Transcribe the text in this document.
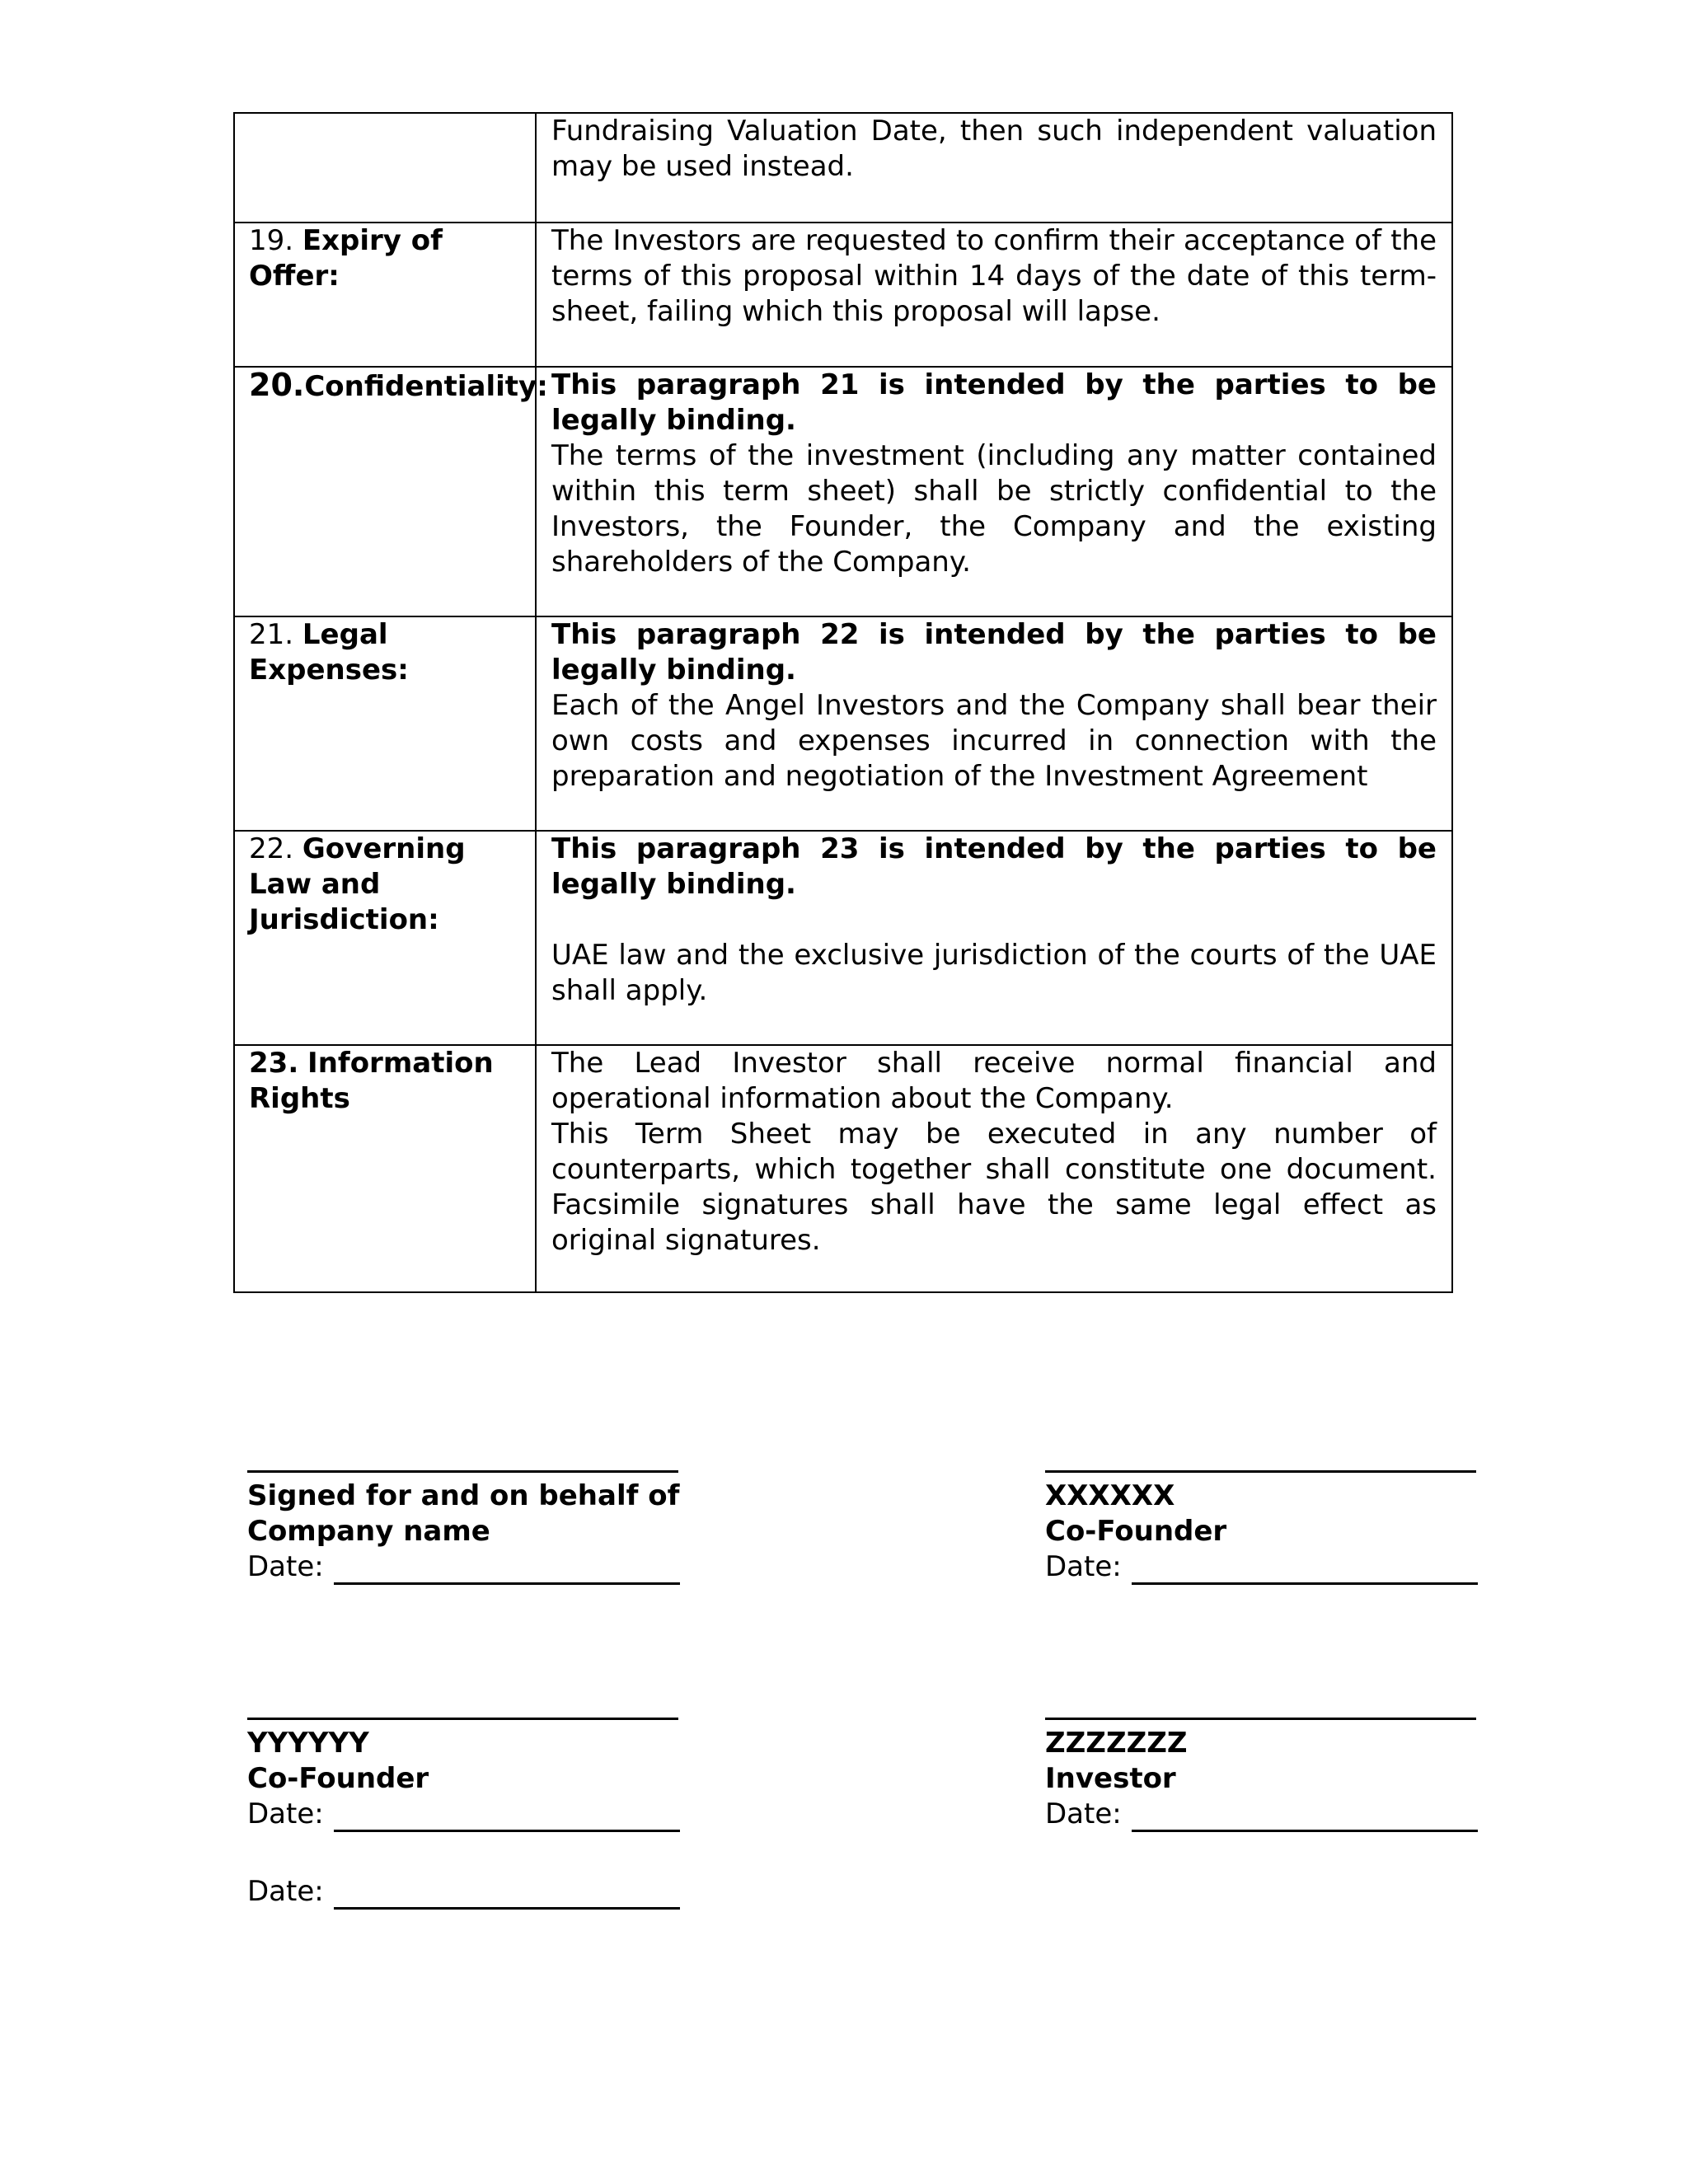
	Fundraising Valuation Date, then such independent valuation may be used instead.

19. Expiry of Offer:	The Investors are requested to confirm their acceptance of the terms of this proposal within 14 days of the date of this term-sheet, failing which this proposal will lapse.

20.Confidentiality:	This paragraph 21 is intended by the parties to be legally binding.

The terms of the investment (including any matter contained within this term sheet) shall be strictly confidential to the Investors, the Founder, the Company and the existing shareholders of the Company.

21. Legal Expenses:	This paragraph 22 is intended by the parties to be legally binding.

Each of the Angel Investors and the Company shall bear their own costs and expenses incurred in connection with the preparation and negotiation of the Investment Agreement

22. Governing Law and Jurisdiction:	This paragraph 23 is intended by the parties to be legally binding.

UAE law and the exclusive jurisdiction of the courts of the UAE shall apply.

23. Information Rights	The Lead Investor shall receive normal financial and operational information about the Company.

This Term Sheet may be executed in any number of counterparts, which together shall constitute one document. Facsimile signatures shall have the same legal effect as original signatures.

Signed for and on behalf of
Company name
Date:
XXXXXX
Co-Founder
Date:
YYYYYY
Co-Founder
Date:
ZZZZZZZ
Investor
Date:
Date:
